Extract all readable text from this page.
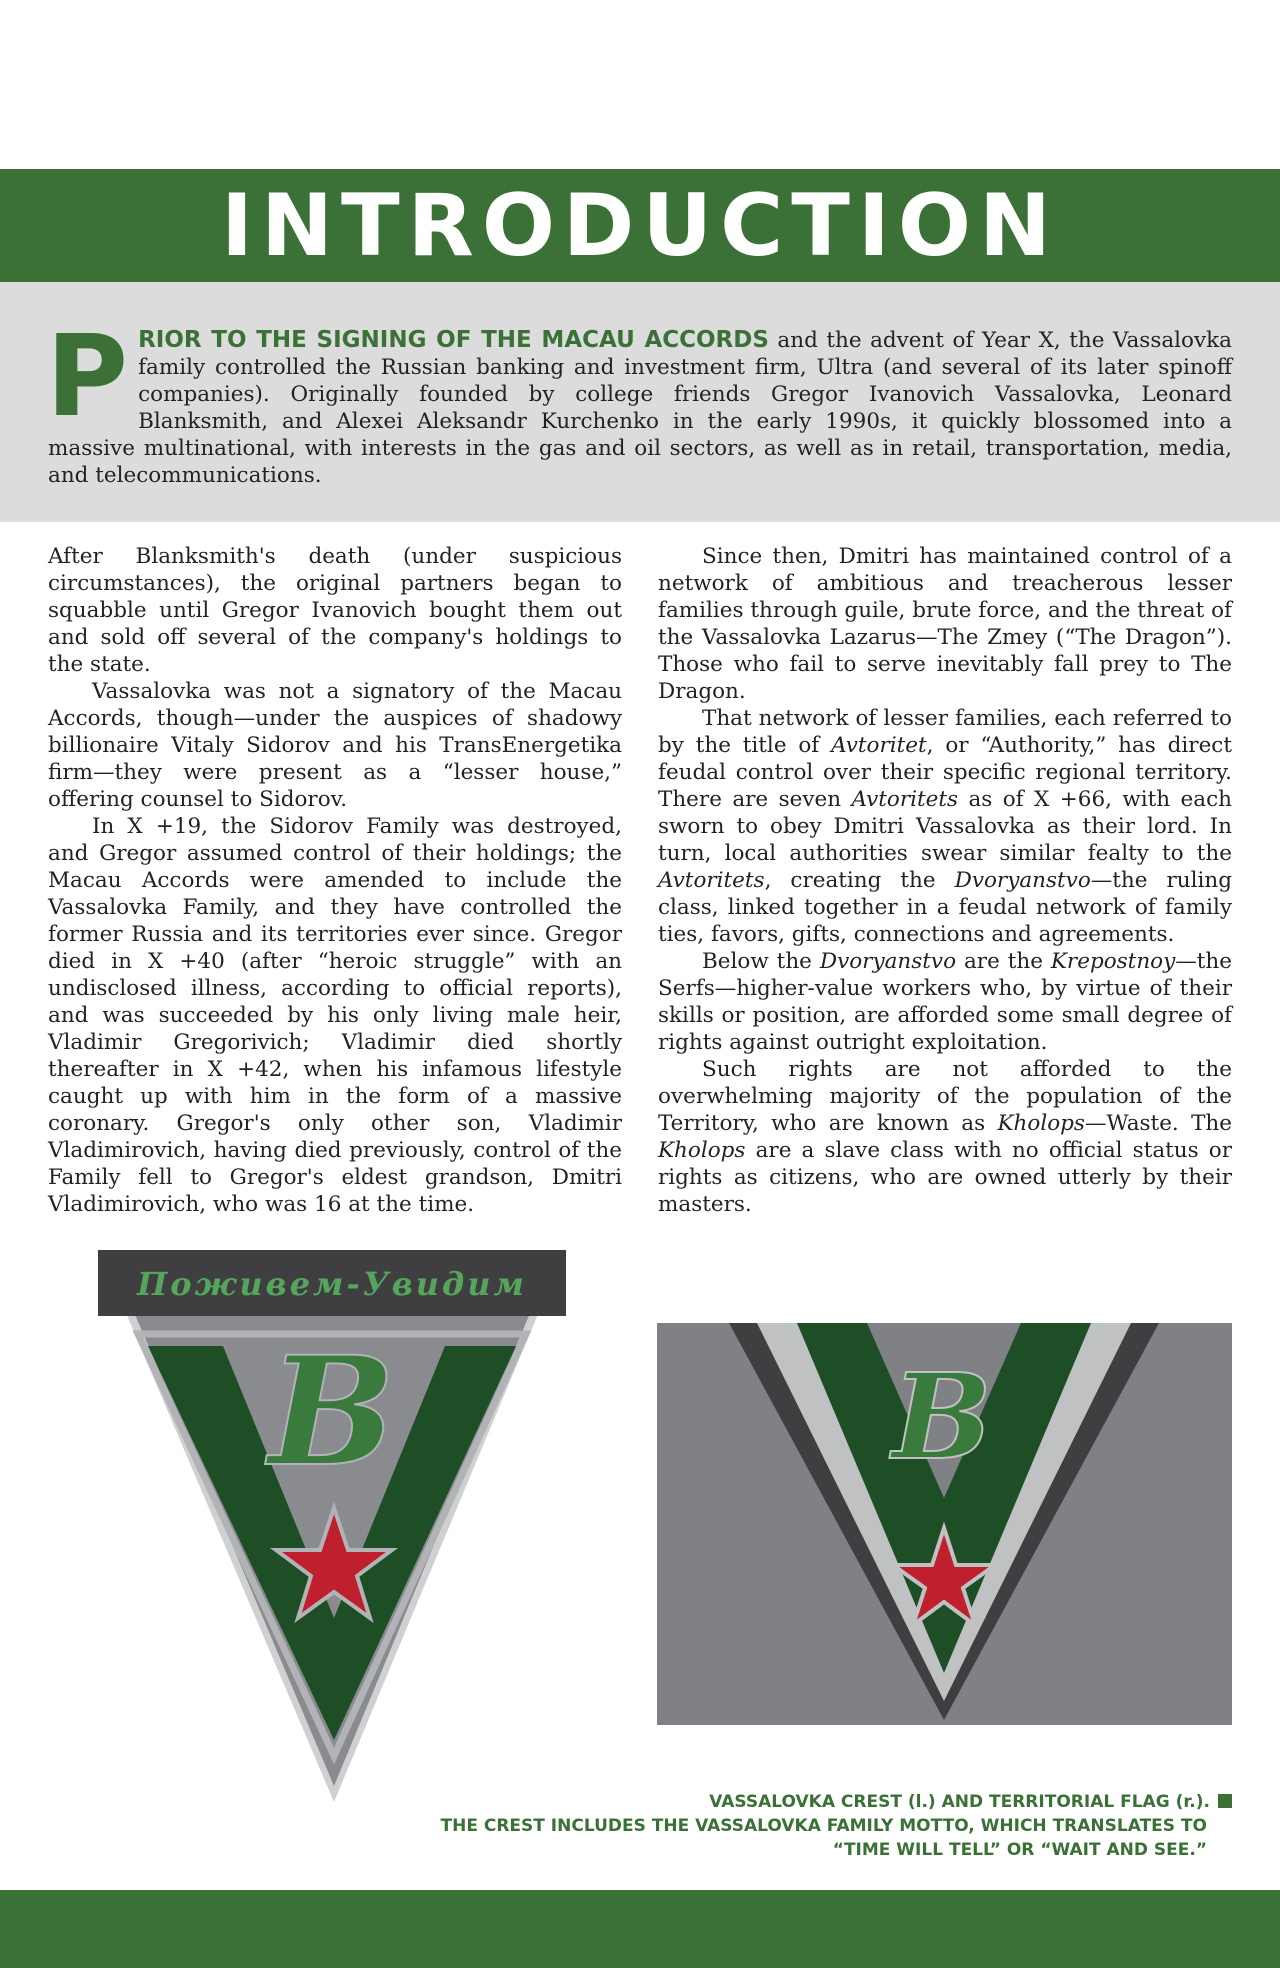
INTRODUCTION
PRIOR TO THE SIGNING OF THE MACAU ACCORDS and the advent of Year X, the Vassalovka family controlled the Russian banking and investment firm, Ultra (and several of its later spinoff companies). Originally founded by college friends Gregor Ivanovich Vassalovka, Leonard Blanksmith, and Alexei Aleksandr Kurchenko in the early 1990s, it quickly blossomed into a massive multinational, with interests in the gas and oil sectors, as well as in retail, transportation, media, and telecommunications.

After Blanksmith's death (under suspicious circumstances), the original partners began to squabble until Gregor Ivanovich bought them out and sold off several of the company's holdings to the state.

Vassalovka was not a signatory of the Macau Accords, though—under the auspices of shadowy billionaire Vitaly Sidorov and his TransEnergetika firm—they were present as a “lesser house,” offering counsel to Sidorov.

In X +19, the Sidorov Family was destroyed, and Gregor assumed control of their holdings; the Macau Accords were amended to include the Vassalovka Family, and they have controlled the former Russia and its territories ever since. Gregor died in X +40 (after “heroic struggle” with an undisclosed illness, according to official reports), and was succeeded by his only living male heir, Vladimir Gregorivich; Vladimir died shortly thereafter in X +42, when his infamous lifestyle caught up with him in the form of a massive coronary. Gregor's only other son, Vladimir Vladimirovich, having died previously, control of the Family fell to Gregor's eldest grandson, Dmitri Vladimirovich, who was 16 at the time.

Since then, Dmitri has maintained control of a network of ambitious and treacherous lesser families through guile, brute force, and the threat of the Vassalovka Lazarus—The Zmey (“The Dragon”). Those who fail to serve inevitably fall prey to The Dragon.

That network of lesser families, each referred to by the title of Avtoritet, or “Authority,” has direct feudal control over their specific regional territory. There are seven Avtoritets as of X +66, with each sworn to obey Dmitri Vassalovka as their lord. In turn, local authorities swear similar fealty to the Avtoritets, creating the Dvoryanstvo—the ruling class, linked together in a feudal network of family ties, favors, gifts, connections and agreements.

Below the Dvoryanstvo are the Krepostnoy—the Serfs—higher-value workers who, by virtue of their skills or position, are afforded some small degree of rights against outright exploitation.

Such rights are not afforded to the overwhelming majority of the population of the Territory, who are known as Kholops—Waste. The Kholops are a slave class with no official status or rights as citizens, who are owned utterly by their masters.

Поживем-Увидим
В	В
VASSALOVKA CREST (l.) AND TERRITORIAL FLAG (r.).
THE CREST INCLUDES THE VASSALOVKA FAMILY MOTTO, WHICH TRANSLATES TO
“TIME WILL TELL” OR “WAIT AND SEE.”
